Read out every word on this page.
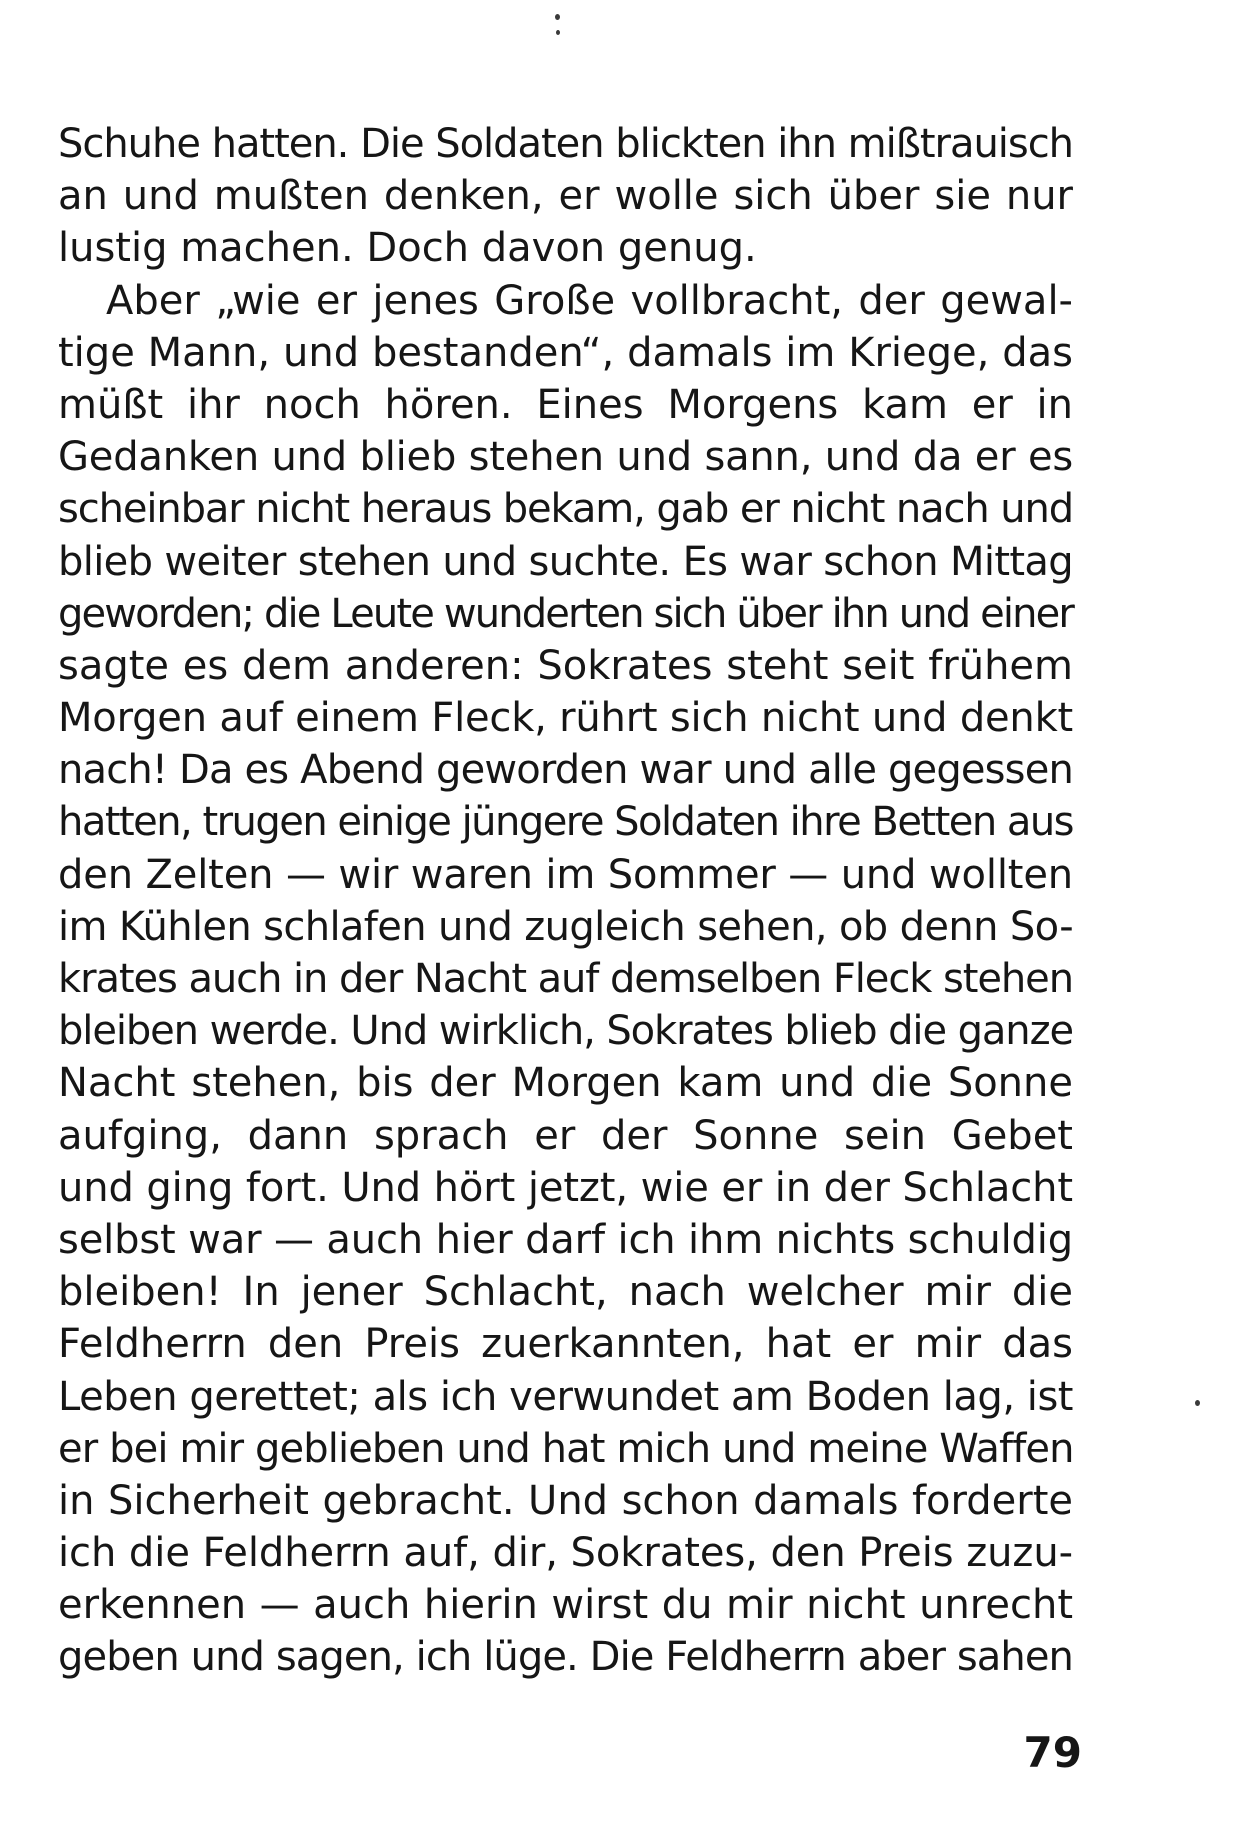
Schuhe hatten. Die Soldaten blickten ihn mißtrauisch
an und mußten denken, er wolle sich über sie nur
lustig machen. Doch davon genug.
Aber „wie er jenes Große vollbracht, der gewal-
tige Mann, und bestanden“, damals im Kriege, das
müßt ihr noch hören. Eines Morgens kam er in
Gedanken und blieb stehen und sann, und da er es
scheinbar nicht heraus bekam, gab er nicht nach und
blieb weiter stehen und suchte. Es war schon Mittag
geworden; die Leute wunderten sich über ihn und einer
sagte es dem anderen: Sokrates steht seit frühem
Morgen auf einem Fleck, rührt sich nicht und denkt
nach! Da es Abend geworden war und alle gegessen
hatten, trugen einige jüngere Soldaten ihre Betten aus
den Zelten — wir waren im Sommer — und wollten
im Kühlen schlafen und zugleich sehen, ob denn So-
krates auch in der Nacht auf demselben Fleck stehen
bleiben werde. Und wirklich, Sokrates blieb die ganze
Nacht stehen, bis der Morgen kam und die Sonne
aufging, dann sprach er der Sonne sein Gebet
und ging fort. Und hört jetzt, wie er in der Schlacht
selbst war — auch hier darf ich ihm nichts schuldig
bleiben! In jener Schlacht, nach welcher mir die
Feldherrn den Preis zuerkannten, hat er mir das
Leben gerettet; als ich verwundet am Boden lag, ist
er bei mir geblieben und hat mich und meine Waffen
in Sicherheit gebracht. Und schon damals forderte
ich die Feldherrn auf, dir, Sokrates, den Preis zuzu-
erkennen — auch hierin wirst du mir nicht unrecht
geben und sagen, ich lüge. Die Feldherrn aber sahen
79
